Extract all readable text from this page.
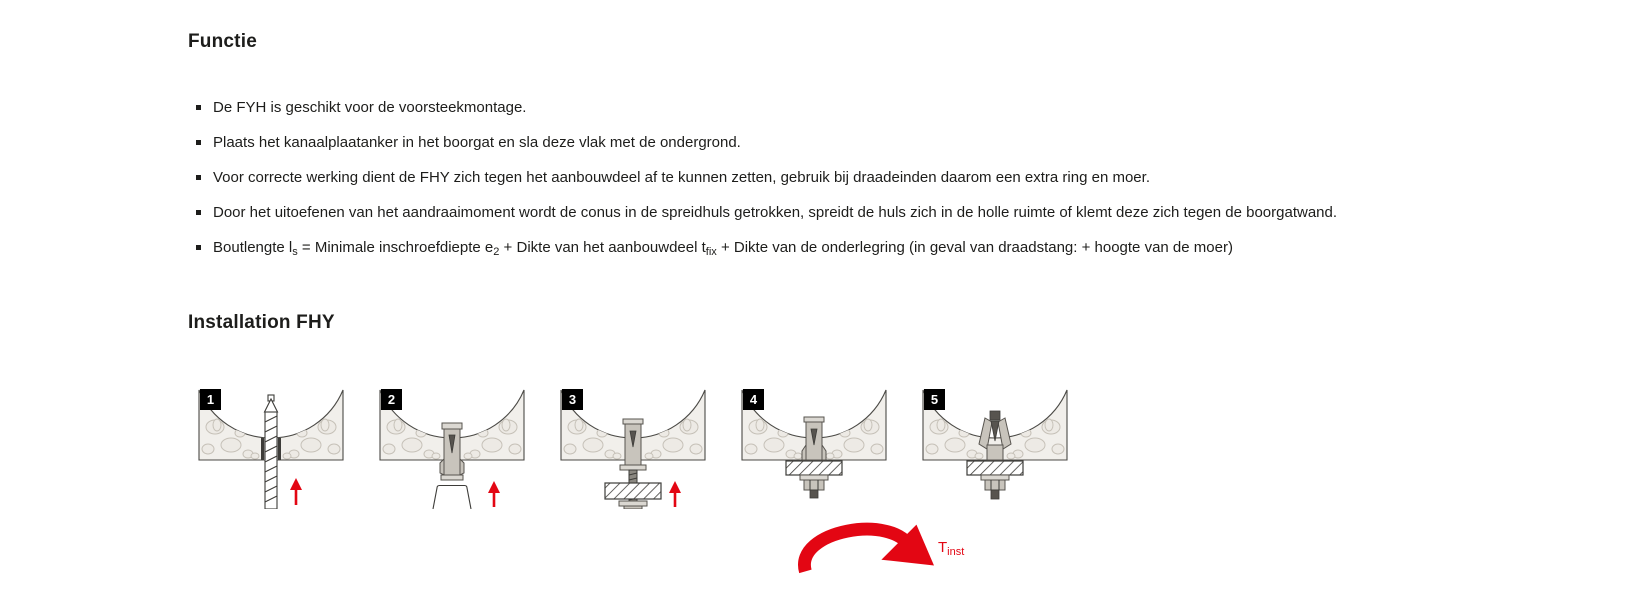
Functie
De FYH is geschikt voor de voorsteekmontage.
Plaats het kanaalplaatanker in het boorgat en sla deze vlak met de ondergrond.
Voor correcte werking dient de FHY zich tegen het aanbouwdeel af te kunnen zetten, gebruik bij draadeinden daarom een extra ring en moer.
Door het uitoefenen van het aandraaimoment wordt de conus in de spreidhuls getrokken, spreidt de huls zich in de holle ruimte of klemt deze zich tegen de boorgatwand.
Boutlengte $l_s$ = Minimale inschroefdiepte $e_2$ + Dikte van het aanbouwdeel $t_{fix}$ + Dikte van de onderlegring (in geval van draadstang: + hoogte van de moer)
Installation FHY
1	2	3	4
$T_{inst}$
5
